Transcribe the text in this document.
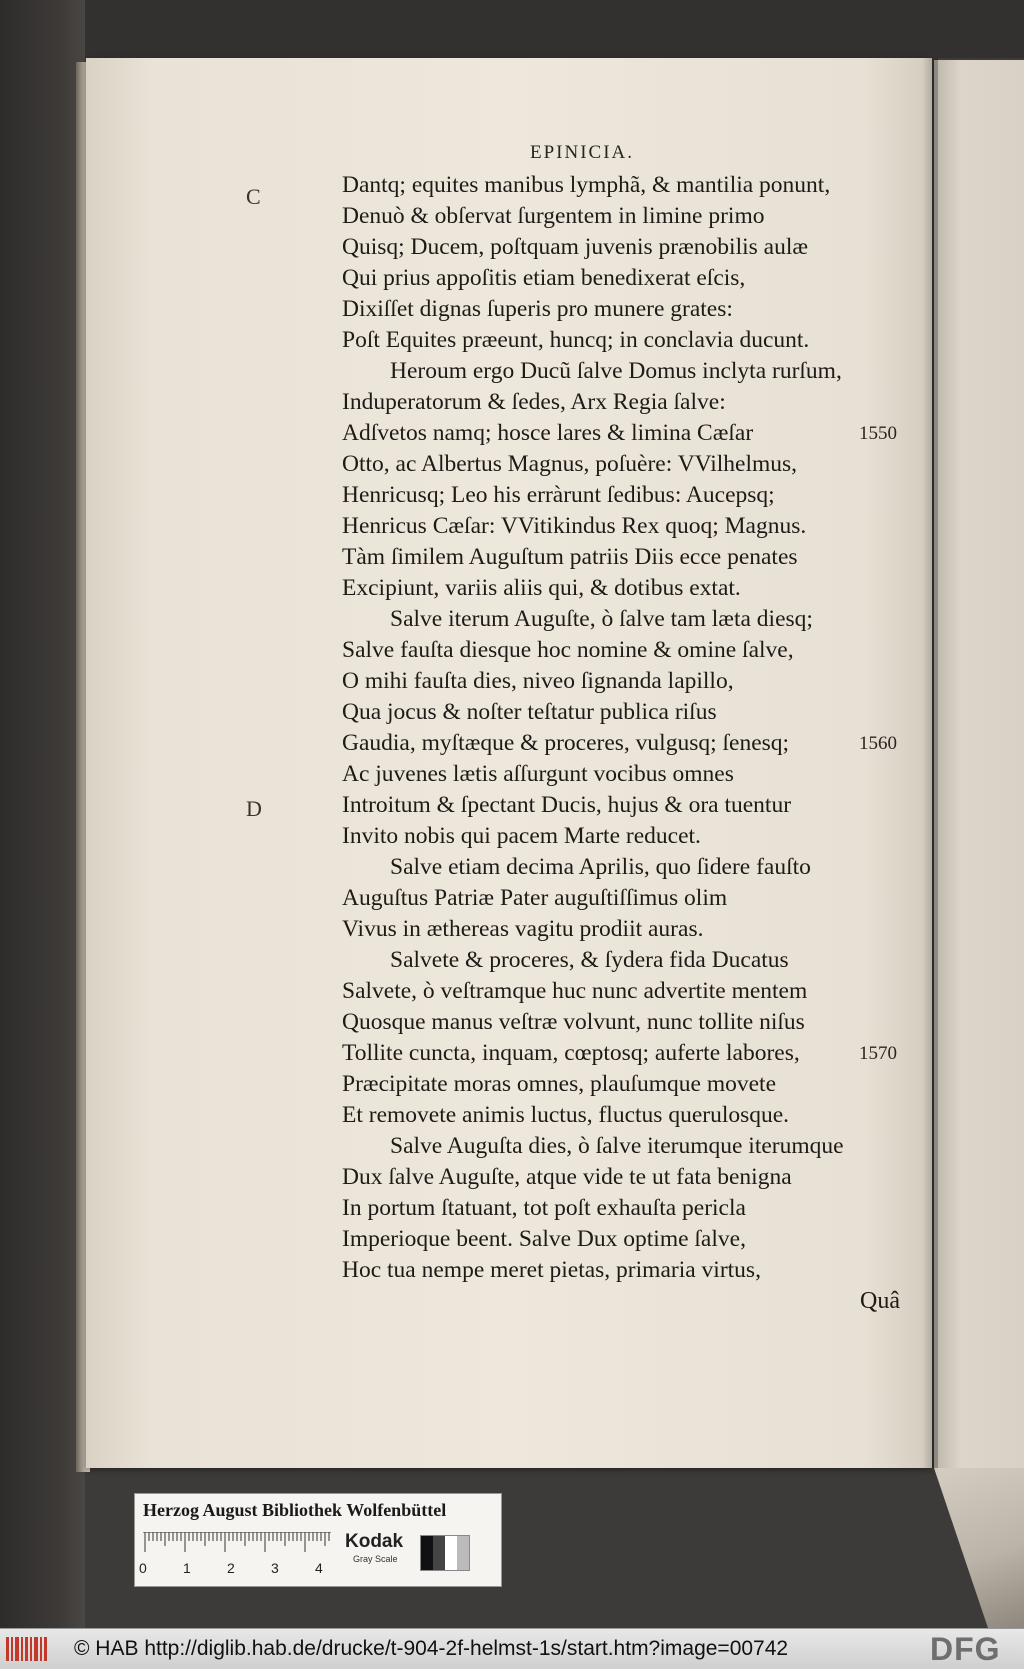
EPINICIA.
C
D
Dantq; equites manibus lymphã, & mantilia ponunt,
Denuò & obſervat ſurgentem in limine primo
Quisq; Ducem, poſtquam juvenis prænobilis aulæ
Qui prius appoſitis etiam benedixerat eſcis,
Dixiſſet dignas ſuperis pro munere grates:
Poſt Equites præeunt, huncq; in conclavia ducunt.
Heroum ergo Ducũ ſalve Domus inclyta rurſum,
Induperatorum & ſedes, Arx Regia ſalve:
Adſvetos namq; hosce lares & limina Cæſar	1550
Otto, ac Albertus Magnus, poſuère: VVilhelmus,
Henricusq; Leo his erràrunt ſedibus: Aucepsq;
Henricus Cæſar: VVitikindus Rex quoq; Magnus.
Tàm ſimilem Auguſtum patriis Diis ecce penates
Excipiunt, variis aliis qui, & dotibus extat.
Salve iterum Auguſte, ò ſalve tam læta diesq;
Salve fauſta diesque hoc nomine & omine ſalve,
O mihi fauſta dies, niveo ſignanda lapillo,
Qua jocus & noſter teſtatur publica riſus
Gaudia, myſtæque & proceres, vulgusq; ſenesq;	1560
Ac juvenes lætis aſſurgunt vocibus omnes
Introitum & ſpectant Ducis, hujus & ora tuentur
Invito nobis qui pacem Marte reducet.
Salve etiam decima Aprilis, quo ſidere fauſto
Auguſtus Patriæ Pater auguſtiſſimus olim
Vivus in æthereas vagitu prodiit auras.
Salvete & proceres, & ſydera fida Ducatus
Salvete, ò veſtramque huc nunc advertite mentem
Quosque manus veſtræ volvunt, nunc tollite niſus
Tollite cuncta, inquam, cœptosq; auferte labores,	1570
Præcipitate moras omnes, plauſumque movete
Et removete animis luctus, fluctus querulosque.
Salve Auguſta dies, ò ſalve iterumque iterumque
Dux ſalve Auguſte, atque vide te ut fata benigna
In portum ſtatuant, tot poſt exhauſta pericla
Imperioque beent. Salve Dux optime ſalve,
Hoc tua nempe meret pietas, primaria virtus,
Quâ
Herzog August Bibliothek Wolfenbüttel
0	1	2	3	4
Kodak
Gray Scale
© HAB http://diglib.hab.de/drucke/t-904-2f-helmst-1s/start.htm?image=00742	DFG
